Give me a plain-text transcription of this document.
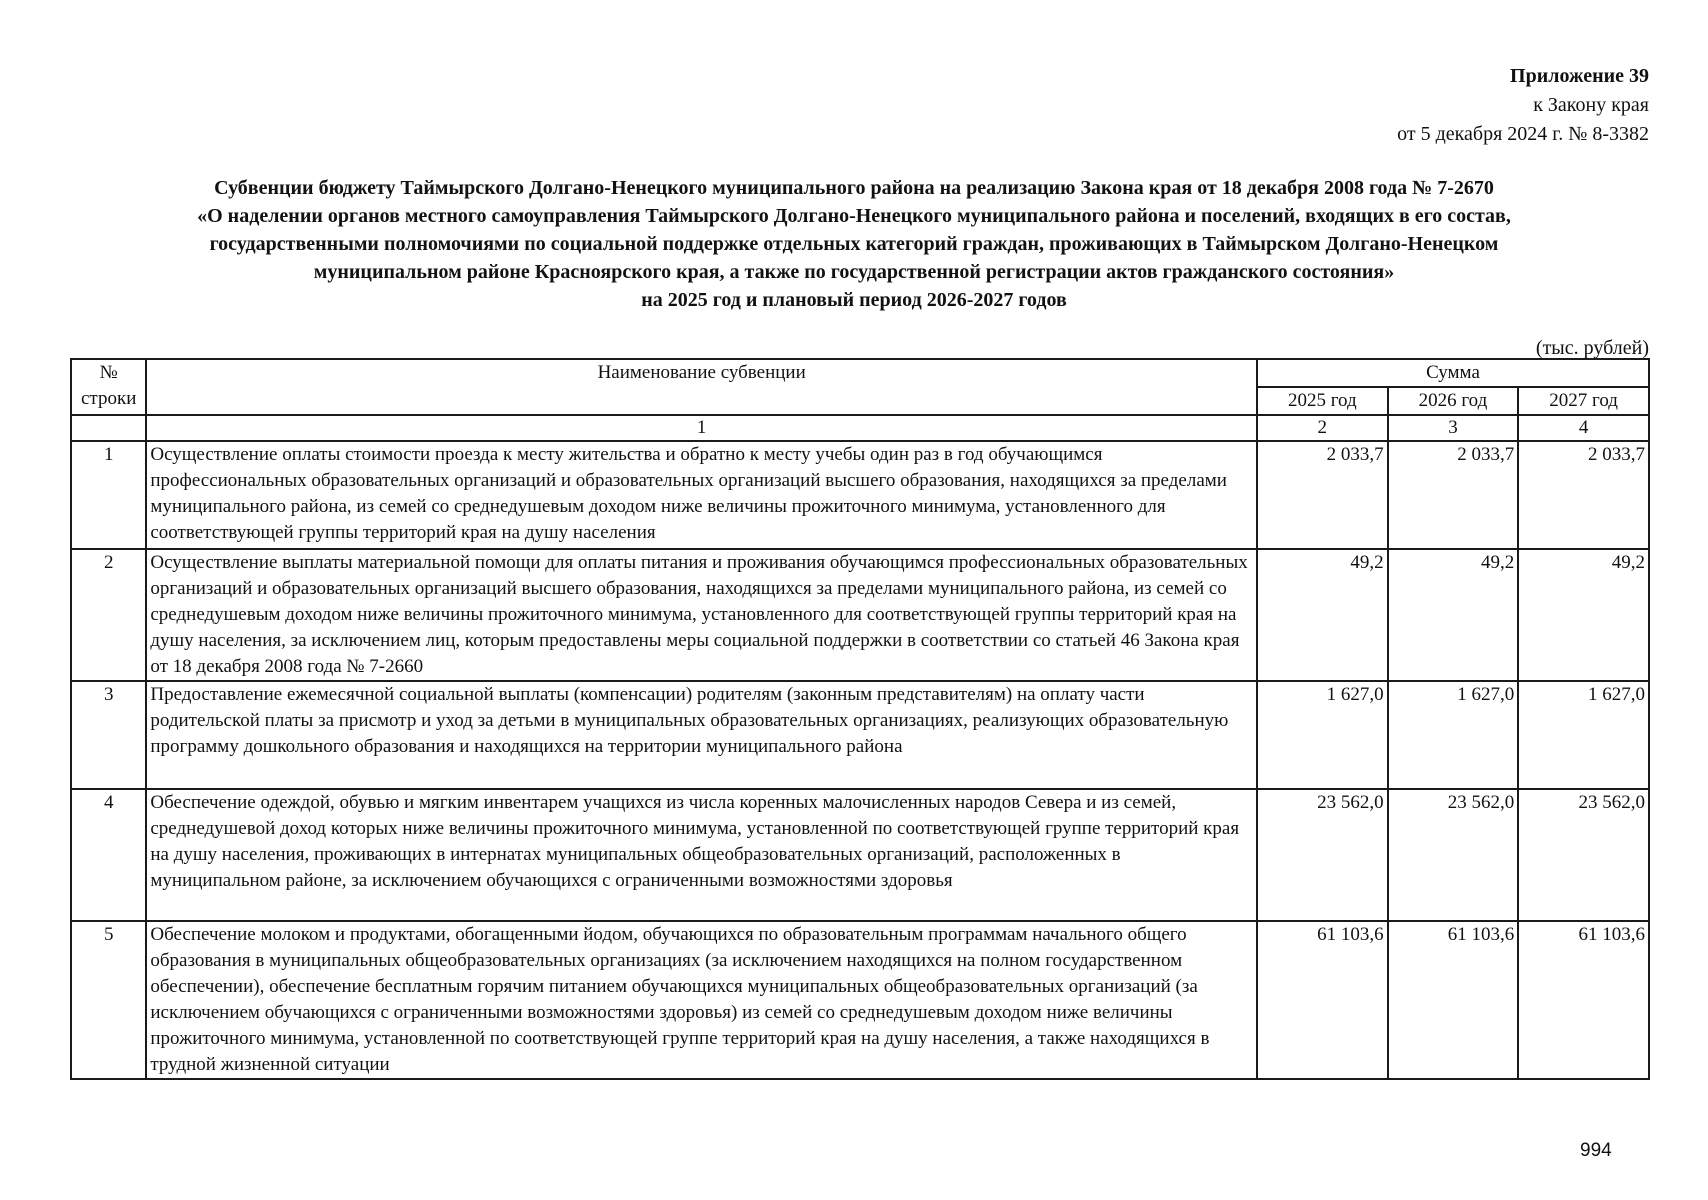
Приложение 39
к Закону края
от 5 декабря 2024 г. № 8-3382
Субвенции бюджету Таймырского Долгано-Ненецкого муниципального района на реализацию Закона края от 18 декабря 2008 года № 7-2670
«О наделении органов местного самоуправления Таймырского Долгано-Ненецкого муниципального района и поселений, входящих в его состав,
государственными полномочиями по социальной поддержке отдельных категорий граждан, проживающих в Таймырском Долгано-Ненецком
муниципальном районе Красноярского края, а также по государственной регистрации актов гражданского состояния»
на 2025 год и плановый период 2026-2027 годов
(тыс. рублей)
№
строки	Наименование субвенции	Сумма		
		2025 год	2026 год	2027 год
	1	2	3	4
1	Осуществление оплаты стоимости проезда к месту жительства и обратно к месту учебы один раз в год обучающимся профессиональных образовательных организаций и образовательных организаций высшего образования, находящихся за пределами муниципального района, из семей со среднедушевым доходом ниже величины прожиточного минимума, установленного для соответствующей группы территорий края на душу населения	2 033,7	2 033,7	2 033,7
2	Осуществление выплаты материальной помощи для оплаты питания и проживания обучающимся профессиональных образовательных организаций и образовательных организаций высшего образования, находящихся за пределами муниципального района, из семей со среднедушевым доходом ниже величины прожиточного минимума, установленного для соответствующей группы территорий края на душу населения, за исключением лиц, которым предоставлены меры социальной поддержки в соответствии со статьей 46 Закона края от 18 декабря 2008 года № 7-2660	49,2	49,2	49,2
3	Предоставление ежемесячной социальной выплаты (компенсации) родителям (законным представителям) на оплату части родительской платы за присмотр и уход за детьми в муниципальных образовательных организациях, реализующих образовательную программу дошкольного образования и находящихся на территории муниципального района	1 627,0	1 627,0	1 627,0
4	Обеспечение одеждой, обувью и мягким инвентарем учащихся из числа коренных малочисленных народов Севера и из семей, среднедушевой доход которых ниже величины прожиточного минимума, установленной по соответствующей группе территорий края на душу населения, проживающих в интернатах муниципальных общеобразовательных организаций, расположенных в муниципальном районе, за исключением обучающихся с ограниченными возможностями здоровья	23 562,0	23 562,0	23 562,0
5	Обеспечение молоком и продуктами, обогащенными йодом, обучающихся по образовательным программам начального общего образования в муниципальных общеобразовательных организациях (за исключением находящихся на полном государственном обеспечении), обеспечение бесплатным горячим питанием обучающихся муниципальных общеобразовательных организаций (за исключением обучающихся с ограниченными возможностями здоровья) из семей со среднедушевым доходом ниже величины прожиточного минимума, установленной по соответствующей группе территорий края на душу населения, а также находящихся в трудной жизненной ситуации	61 103,6	61 103,6	61 103,6
994
